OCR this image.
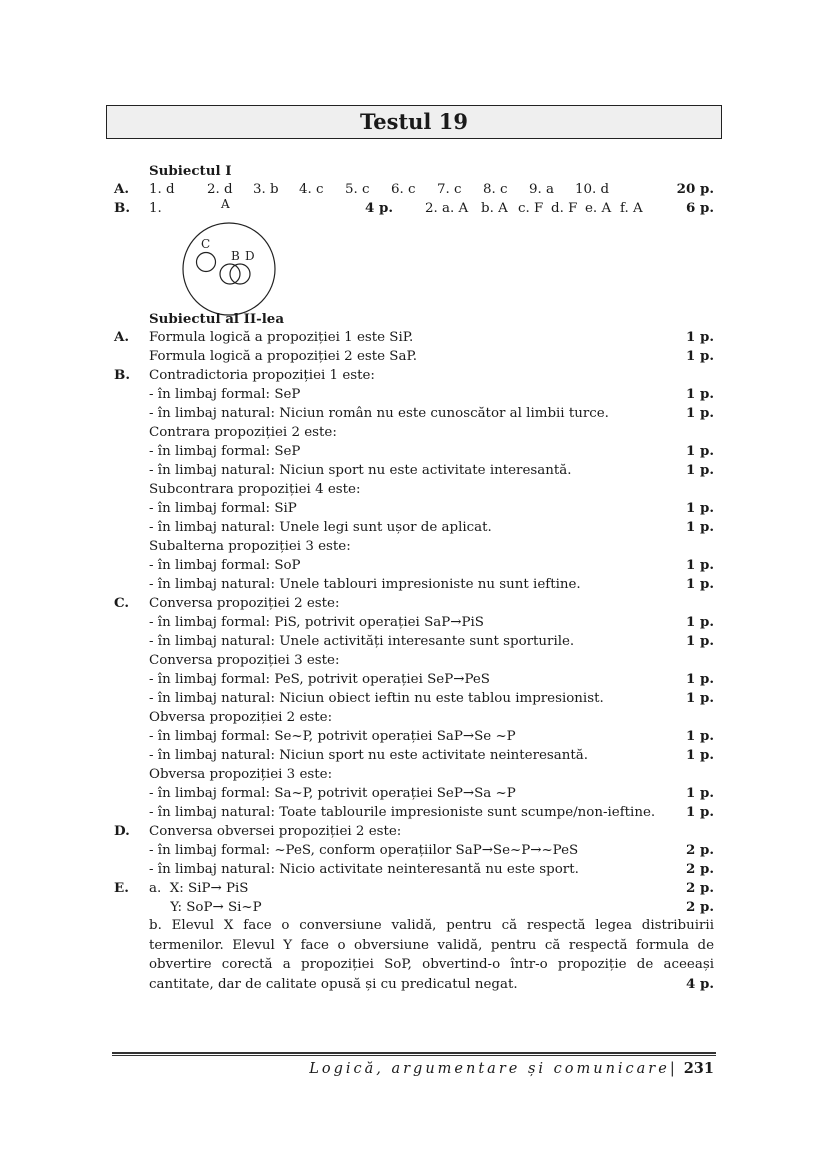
Testul 19
Subiectul I
A. 1. d 2. d 3. b 4. c 5. c 6. c 7. c 8. c 9. a 10. d	20 p.
B. 1.	4 p. 2. a. A b. A c. F d. F e. A f. A	6 p.
C
B D
A
Subiectul al II-lea
A. Formula logică a propoziției 1 este SiP.	1 p.
Formula logică a propoziției 2 este SaP.	1 p.
B. Contradictoria propoziției 1 este:
- în limbaj formal: SeP	1 p.
- în limbaj natural: Niciun român nu este cunoscător al limbii turce.	1 p.
Contrara propoziției 2 este:
- în limbaj formal: SeP	1 p.
- în limbaj natural: Niciun sport nu este activitate interesantă.	1 p.
Subcontrara propoziției 4 este:
- în limbaj formal: SiP	1 p.
- în limbaj natural: Unele legi sunt ușor de aplicat.	1 p.
Subalterna propoziției 3 este:
- în limbaj formal: SoP	1 p.
- în limbaj natural: Unele tablouri impresioniste nu sunt ieftine.	1 p.
C. Conversa propoziției 2 este:
- în limbaj formal: PiS, potrivit operației SaP→PiS	1 p.
- în limbaj natural: Unele activități interesante sunt sporturile.	1 p.
Conversa propoziției 3 este:
- în limbaj formal: PeS, potrivit operației SeP→PeS	1 p.
- în limbaj natural: Niciun obiect ieftin nu este tablou impresionist.	1 p.
Obversa propoziției 2 este:
- în limbaj formal: Se~P, potrivit operației SaP→Se ~P	1 p.
- în limbaj natural: Niciun sport nu este activitate neinteresantă.	1 p.
Obversa propoziției 3 este:
- în limbaj formal: Sa~P, potrivit operației SeP→Sa ~P	1 p.
- în limbaj natural: Toate tablourile impresioniste sunt scumpe/non-ieftine. 1 p.
D. Conversa obversei propoziției 2 este:
- în limbaj formal: ~PeS, conform operațiilor SaP→Se~P→~PeS	2 p.
- în limbaj natural: Nicio activitate neinteresantă nu este sport.	2 p.
E. a.  X: SiP→ PiS	2 p.
Y: SoP→ Si~P	2 p.
b. Elevul X face o conversiune validă, pentru că respectă legea distribuirii termenilor. Elevul Y face o obversiune validă, pentru că respectă formula de obvertire corectă a propoziției SoP, obvertind-o într-o propoziție de aceeași cantitate, dar de calitate opusă și cu predicatul negat.	4 p.
Logică, argumentare și comunicare| 231
